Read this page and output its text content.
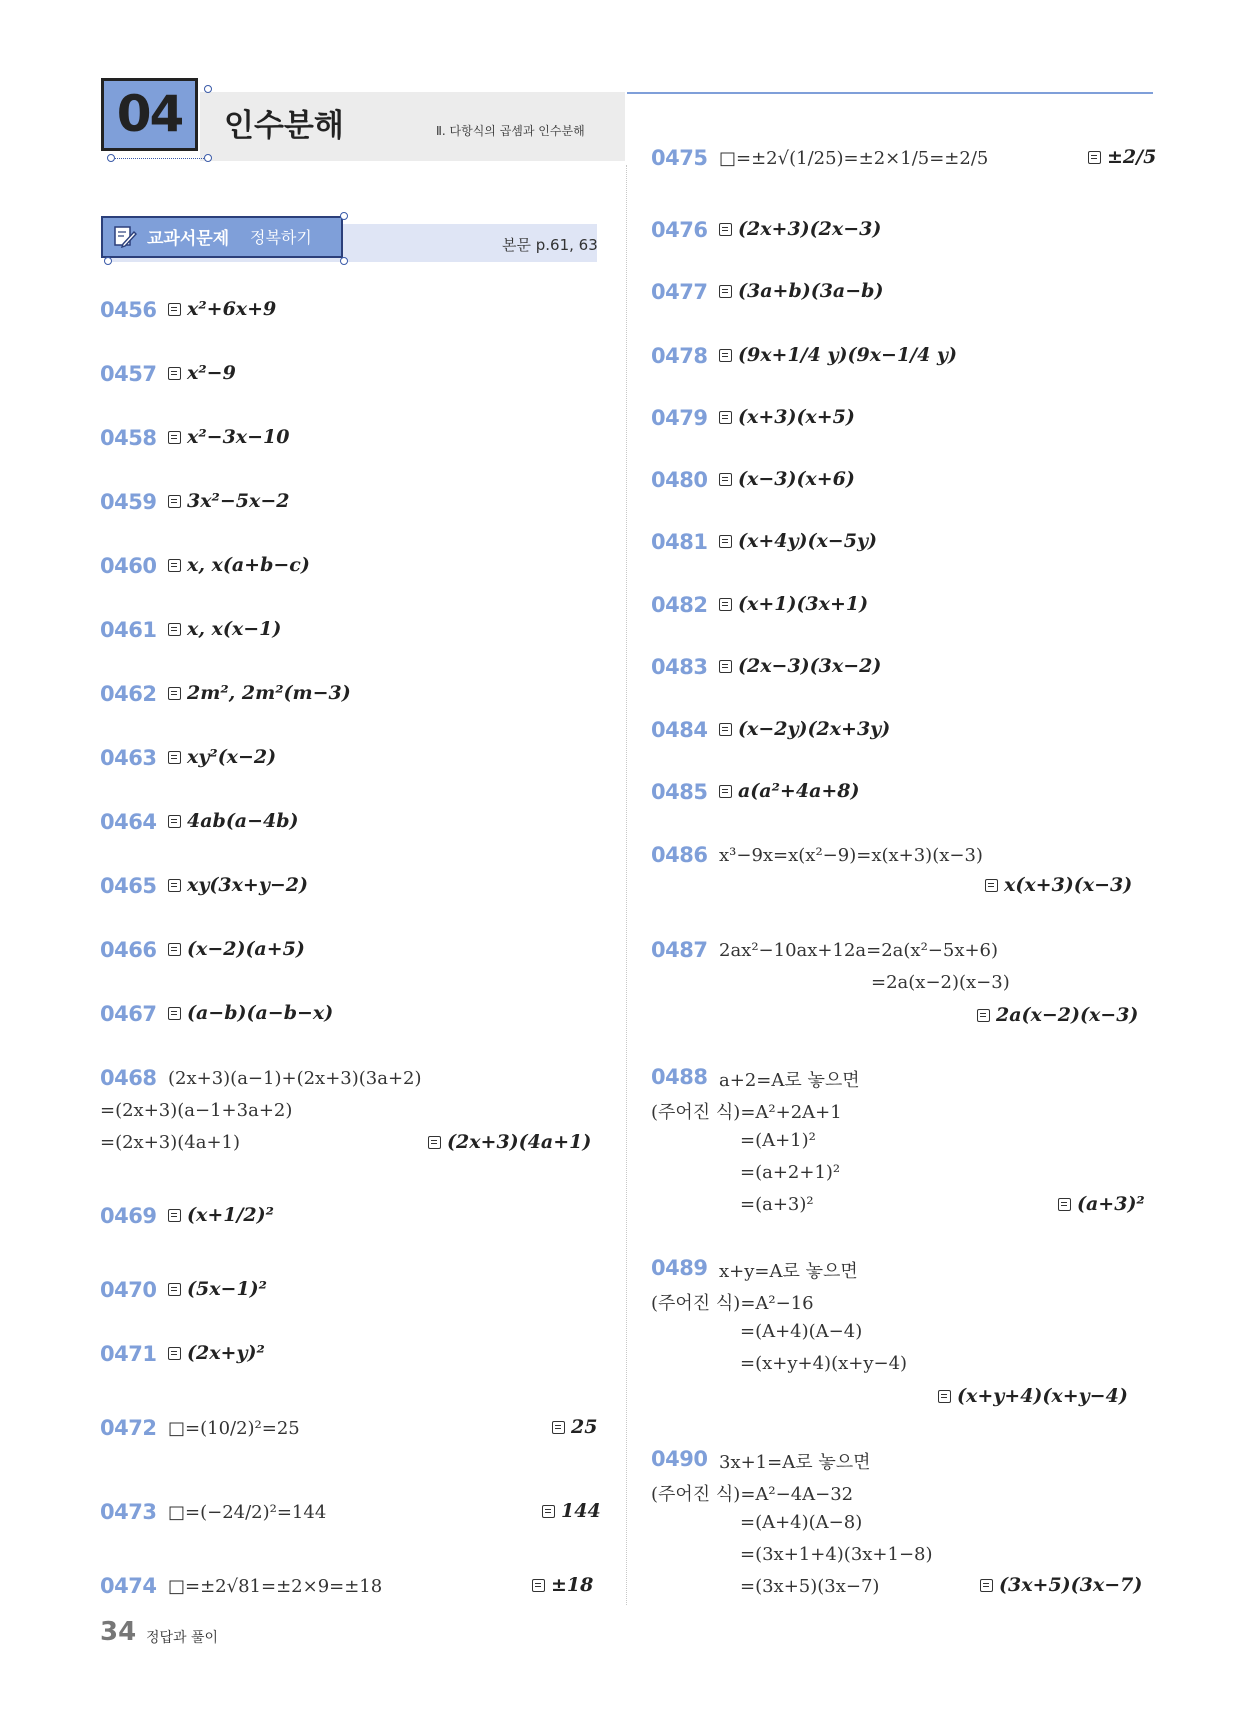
04	인수분해	Ⅱ. 다항식의 곱셈과 인수분해
교과서문제 정복하기	본문 p.61, 63
0456	x²+6x+9
0457	x²−9
0458	x²−3x−10
0459	3x²−5x−2
0460	x, x(a+b−c)
0461	x, x(x−1)
0462	2m², 2m²(m−3)
0463	xy²(x−2)
0464	4ab(a−4b)
0465	xy(3x+y−2)
0466	(x−2)(a+5)
0467	(a−b)(a−b−x)
0468 (2x+3)(a−1)+(2x+3)(3a+2)
=(2x+3)(a−1+3a+2)
=(2x+3)(4a+1)	(2x+3)(4a+1)
0469	(x+1/2)²
0470	(5x−1)²
0471	(2x+y)²
0472 □=(10/2)²=25	25
0473 □=(−24/2)²=144	144
0474 □=±2√81=±2×9=±18	±18
0475 □=±2√(1/25)=±2×1/5=±2/5	±2/5
0476	(2x+3)(2x−3)
0477	(3a+b)(3a−b)
0478	(9x+1/4 y)(9x−1/4 y)
0479	(x+3)(x+5)
0480	(x−3)(x+6)
0481	(x+4y)(x−5y)
0482	(x+1)(3x+1)
0483	(2x−3)(3x−2)
0484	(x−2y)(2x+3y)
0485	a(a²+4a+8)
0486 x³−9x=x(x²−9)=x(x+3)(x−3)
x(x+3)(x−3)
0487 2ax²−10ax+12a=2a(x²−5x+6)
=2a(x−2)(x−3)
2a(x−2)(x−3)
0488 a+2=A로 놓으면
(주어진 식)=A²+2A+1
=(A+1)²
=(a+2+1)²
=(a+3)²	(a+3)²
0489 x+y=A로 놓으면
(주어진 식)=A²−16
=(A+4)(A−4)
=(x+y+4)(x+y−4)
(x+y+4)(x+y−4)
0490 3x+1=A로 놓으면
(주어진 식)=A²−4A−32
=(A+4)(A−8)
=(3x+1+4)(3x+1−8)
=(3x+5)(3x−7)	(3x+5)(3x−7)
34 정답과 풀이
